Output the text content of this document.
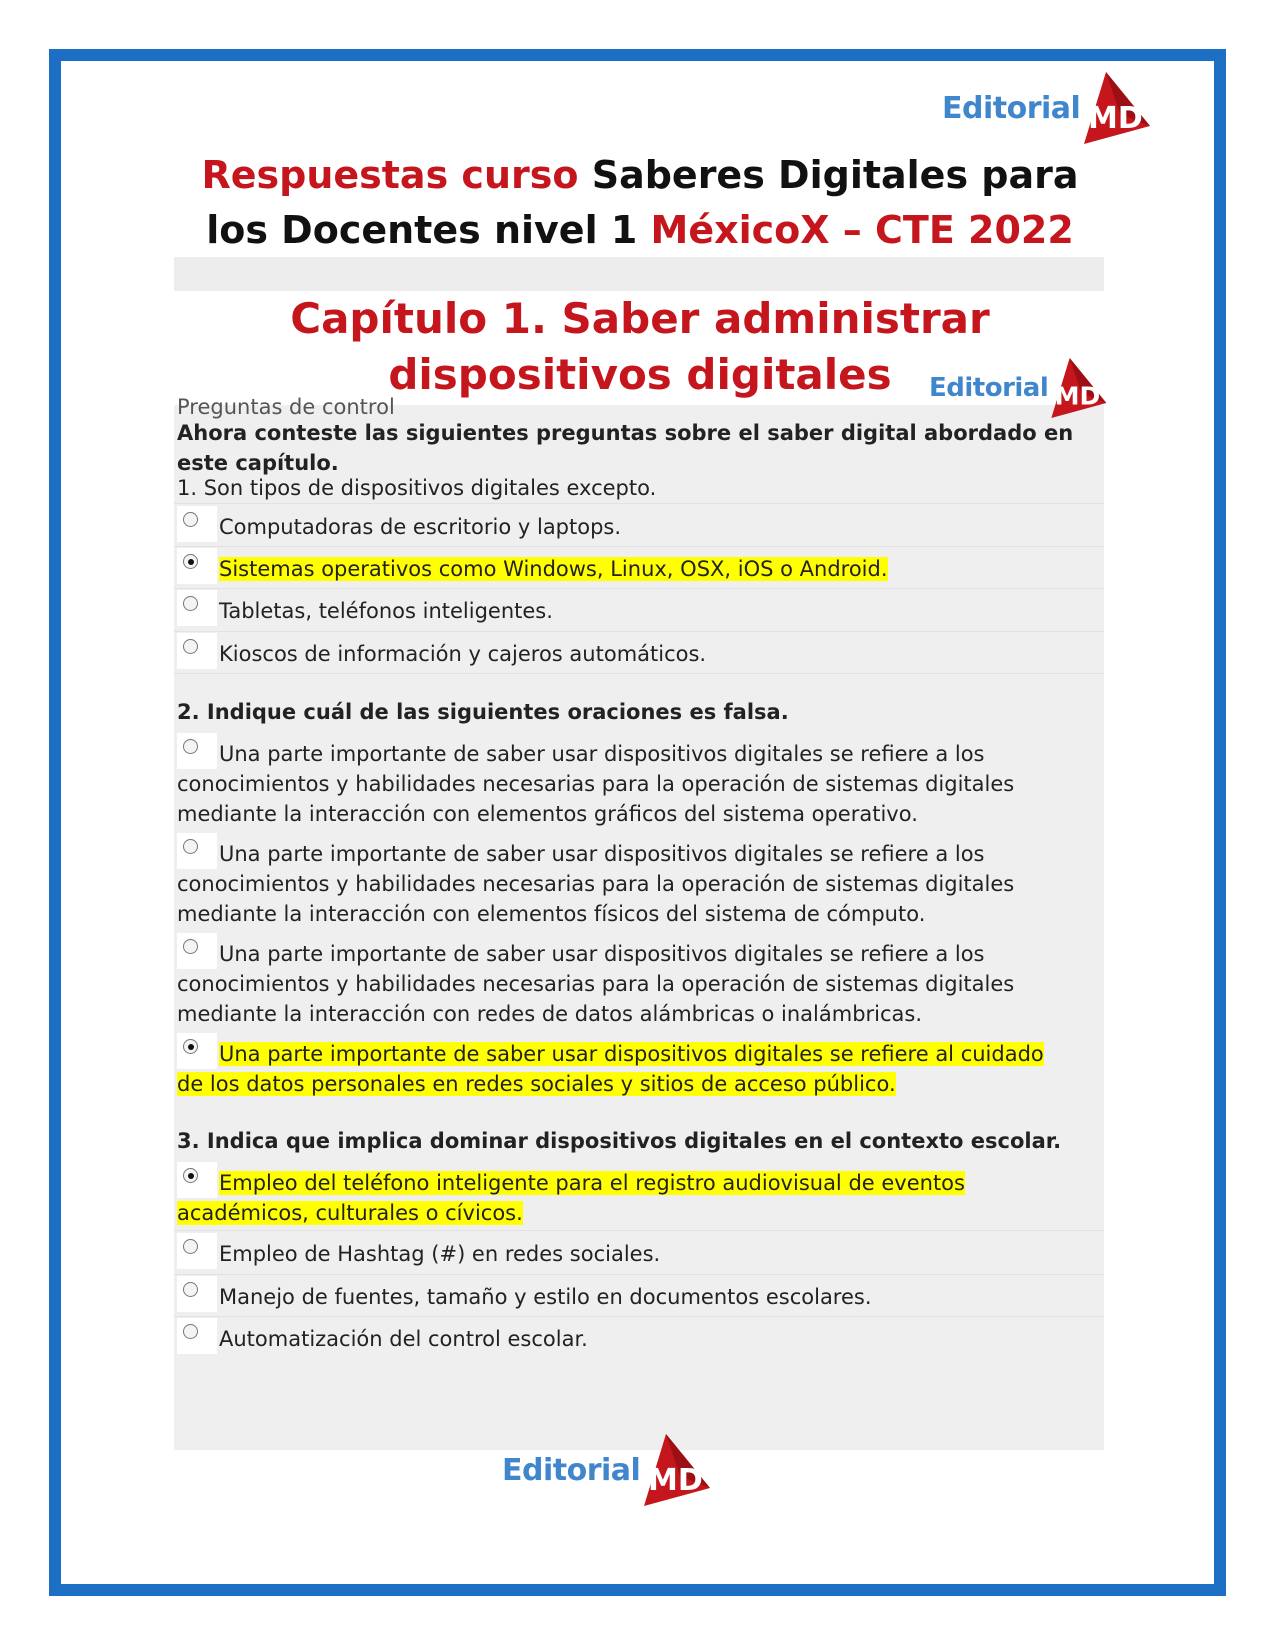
Editorial MD
Respuestas curso Saberes Digitales para los Docentes nivel 1 MéxicoX – CTE 2022
Capítulo 1. Saber administrar dispositivos digitales	Editorial MD
Preguntas de control
Ahora conteste las siguientes preguntas sobre el saber digital abordado en este capítulo.
1. Son tipos de dispositivos digitales excepto.
Computadoras de escritorio y laptops.
Sistemas operativos como Windows, Linux, OSX, iOS o Android.
Tabletas, teléfonos inteligentes.
Kioscos de información y cajeros automáticos.
2. Indique cuál de las siguientes oraciones es falsa.
Una parte importante de saber usar dispositivos digitales se refiere a los conocimientos y habilidades necesarias para la operación de sistemas digitales mediante la interacción con elementos gráficos del sistema operativo.
Una parte importante de saber usar dispositivos digitales se refiere a los conocimientos y habilidades necesarias para la operación de sistemas digitales mediante la interacción con elementos físicos del sistema de cómputo.
Una parte importante de saber usar dispositivos digitales se refiere a los conocimientos y habilidades necesarias para la operación de sistemas digitales mediante la interacción con redes de datos alámbricas o inalámbricas.
Una parte importante de saber usar dispositivos digitales se refiere al cuidado de los datos personales en redes sociales y sitios de acceso público.
3. Indica que implica dominar dispositivos digitales en el contexto escolar.
Empleo del teléfono inteligente para el registro audiovisual de eventos académicos, culturales o cívicos.
Empleo de Hashtag (#) en redes sociales.
Manejo de fuentes, tamaño y estilo en documentos escolares.
Automatización del control escolar.
Editorial MD
